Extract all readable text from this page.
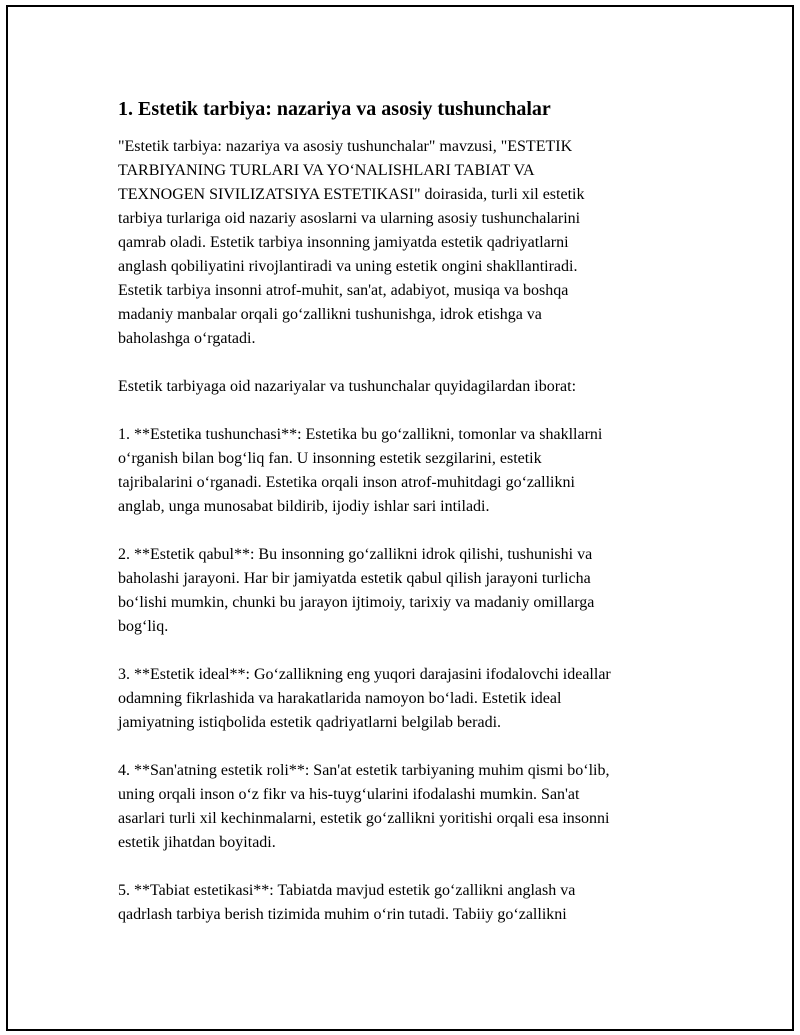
1. Estetik tarbiya: nazariya va asosiy tushunchalar

"Estetik tarbiya: nazariya va asosiy tushunchalar" mavzusi, "ESTETIK
TARBIYANING TURLARI VA YO‘NALISHLARI TABIAT VA
TEXNOGEN SIVILIZATSIYA ESTETIKASI" doirasida, turli xil estetik
tarbiya turlariga oid nazariy asoslarni va ularning asosiy tushunchalarini
qamrab oladi. Estetik tarbiya insonning jamiyatda estetik qadriyatlarni
anglash qobiliyatini rivojlantiradi va uning estetik ongini shakllantiradi.
Estetik tarbiya insonni atrof-muhit, san'at, adabiyot, musiqa va boshqa
madaniy manbalar orqali go‘zallikni tushunishga, idrok etishga va
baholashga o‘rgatadi.

Estetik tarbiyaga oid nazariyalar va tushunchalar quyidagilardan iborat:

1. **Estetika tushunchasi**: Estetika bu go‘zallikni, tomonlar va shakllarni
o‘rganish bilan bog‘liq fan. U insonning estetik sezgilarini, estetik
tajribalarini o‘rganadi. Estetika orqali inson atrof-muhitdagi go‘zallikni
anglab, unga munosabat bildirib, ijodiy ishlar sari intiladi.

2. **Estetik qabul**: Bu insonning go‘zallikni idrok qilishi, tushunishi va
baholashi jarayoni. Har bir jamiyatda estetik qabul qilish jarayoni turlicha
bo‘lishi mumkin, chunki bu jarayon ijtimoiy, tarixiy va madaniy omillarga
bog‘liq.

3. **Estetik ideal**: Go‘zallikning eng yuqori darajasini ifodalovchi ideallar
odamning fikrlashida va harakatlarida namoyon bo‘ladi. Estetik ideal
jamiyatning istiqbolida estetik qadriyatlarni belgilab beradi.

4. **San'atning estetik roli**: San'at estetik tarbiyaning muhim qismi bo‘lib,
uning orqali inson o‘z fikr va his-tuyg‘ularini ifodalashi mumkin. San'at
asarlari turli xil kechinmalarni, estetik go‘zallikni yoritishi orqali esa insonni
estetik jihatdan boyitadi.

5. **Tabiat estetikasi**: Tabiatda mavjud estetik go‘zallikni anglash va
qadrlash tarbiya berish tizimida muhim o‘rin tutadi. Tabiiy go‘zallikni
